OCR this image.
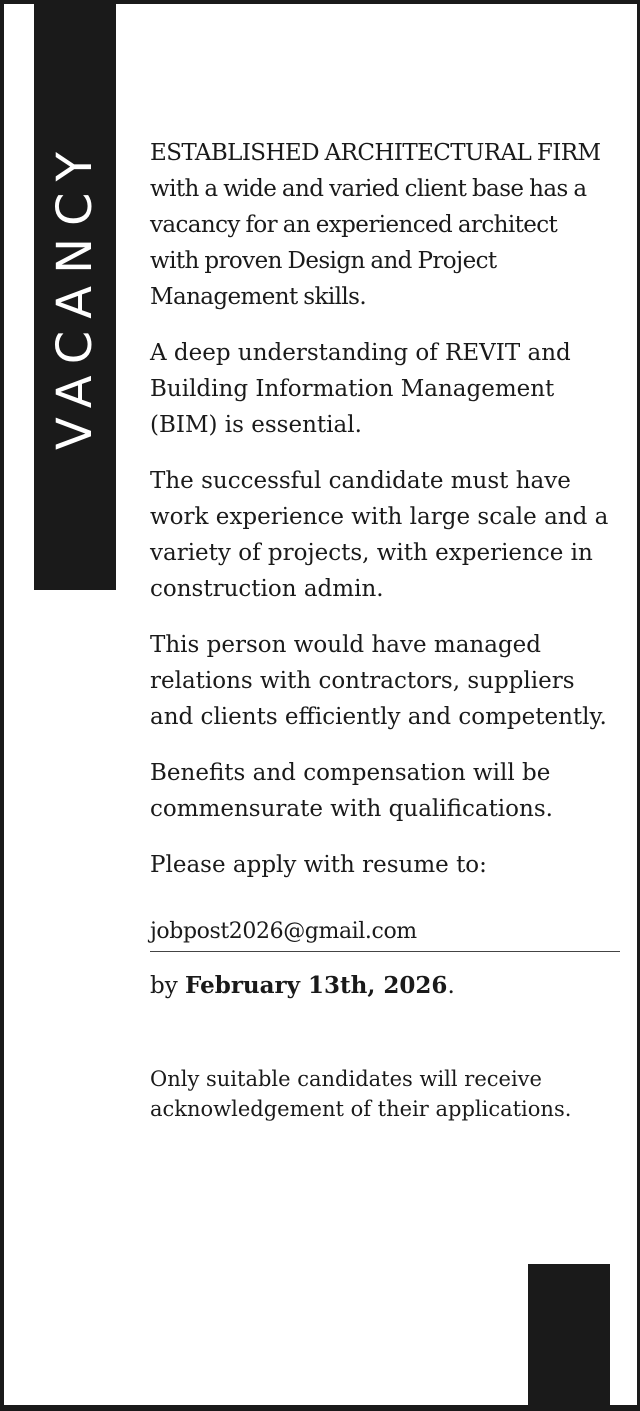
VACANCY ESTABLISHED ARCHITECTURAL FIRM with a wide and varied client base has a vacancy for an experienced architect with proven Design and Project Management skills.

A deep understanding of REVIT and Building Information Management (BIM) is essential.

The successful candidate must have work experience with large scale and a variety of projects, with experience in construction admin.

This person would have managed relations with contractors, suppliers and clients efficiently and competently.

Benefits and compensation will be commensurate with qualifications.

Please apply with resume to:

jobpost2026@gmail.com

by February 13th, 2026.

Only suitable candidates will receive acknowledgement of their applications.
